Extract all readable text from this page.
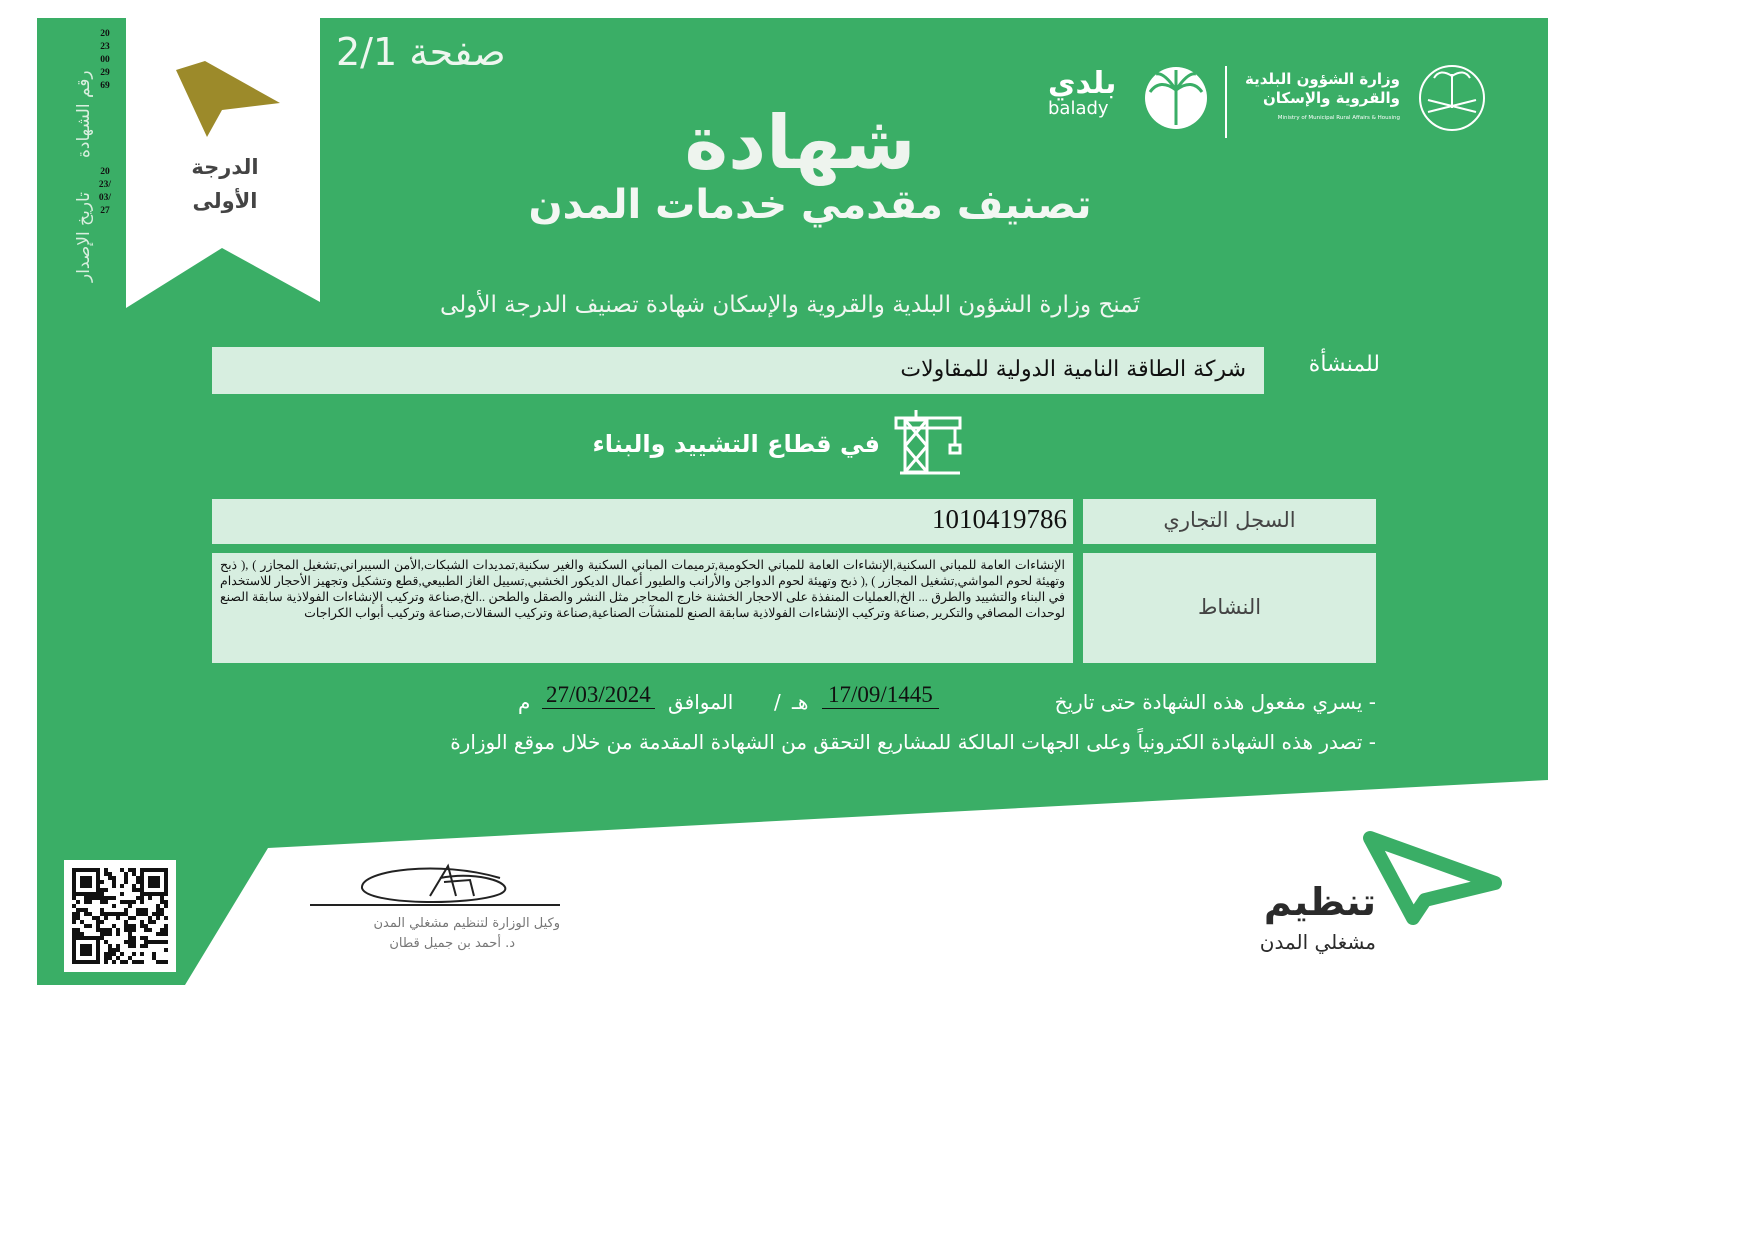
صفحة 2/1
شهادة
تصنيف مقدمي خدمات المدن
وزارة الشؤون البلدية والقروية والإسكان
Ministry of Municipal Rural Affairs & Housing
بلدي
balady
رقم الشهادة
20230029 69
تاريخ الإصدار
2023/03/27
الدرجة الأولى
تَمنح وزارة الشؤون البلدية والقروية والإسكان شهادة تصنيف الدرجة الأولى
للمنشأة
شركة الطاقة النامية الدولية للمقاولات
في قطاع التشييد والبناء
السجل التجاري
1010419786
النشاط

الإنشاءات العامة للمباني السكنية,الإنشاءات العامة للمباني الحكومية,ترميمات المباني السكنية والغير سكنية,تمديدات الشبكات,الأمن السيبراني,تشغيل المجازر ) ,( ذبح وتهيئة لحوم المواشي,تشغيل المجازر ) ,( ذبح وتهيئة لحوم الدواجن والأرانب والطيور أعمال الديكور الخشبي,تسييل الغاز الطبيعي,قطع وتشكيل وتجهيز الأحجار للاستخدام في البناء والتشييد والطرق ... الخ,العمليات المنفذة على الاحجار الخشنة خارج المحاجر مثل النشر والصقل والطحن ..الخ,صناعة وتركيب الإنشاءات الفولاذية سابقة الصنع لوحدات المصافي والتكرير ,صناعة وتركيب الإنشاءات الفولاذية سابقة الصنع للمنشآت الصناعية,صناعة وتركيب السقالات,صناعة وتركيب أبواب الكراجات

- يسري مفعول هذه الشهادة حتى تاريخ
17/09/1445
هـ
/
الموافق
27/03/2024
م
- تصدر هذه الشهادة الكترونياً وعلى الجهات المالكة للمشاريع التحقق من الشهادة المقدمة من خلال موقع الوزارة
وكيل الوزارة لتنظيم مشغلي المدن
د. أحمد بن جميل قطان
تنظيم
مشغلي المدن
